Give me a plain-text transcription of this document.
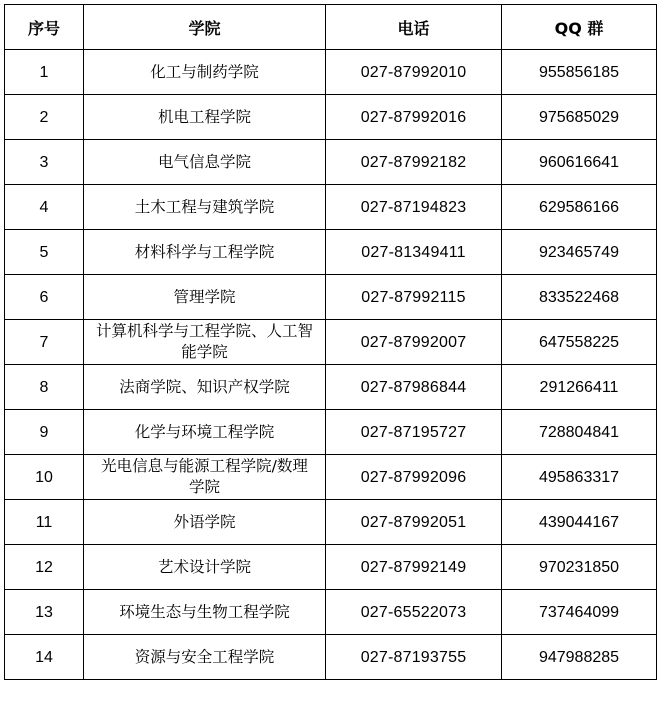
序号	学院	电话	QQ 群
1	化工与制药学院	027-87992010	955856185
2	机电工程学院	027-87992016	975685029
3	电气信息学院	027-87992182	960616641
4	土木工程与建筑学院	027-87194823	629586166
5	材料科学与工程学院	027-81349411	923465749
6	管理学院	027-87992115	833522468
7	计算机科学与工程学院、人工智能学院	027-87992007	647558225
8	法商学院、知识产权学院	027-87986844	291266411
9	化学与环境工程学院	027-87195727	728804841
10	光电信息与能源工程学院/数理学院	027-87992096	495863317
11	外语学院	027-87992051	439044167
12	艺术设计学院	027-87992149	970231850
13	环境生态与生物工程学院	027-65522073	737464099
14	资源与安全工程学院	027-87193755	947988285
